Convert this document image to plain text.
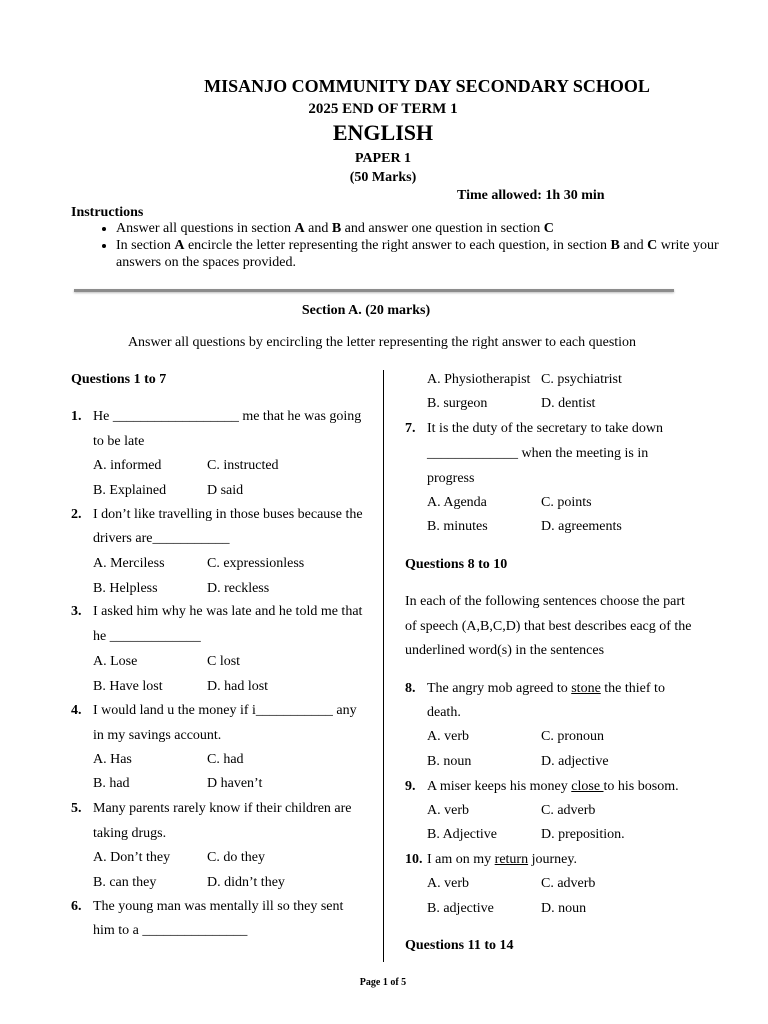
MISANJO COMMUNITY DAY SECONDARY SCHOOL
2025 END OF TERM 1
ENGLISH
PAPER 1
(50 Marks)
Time allowed: 1h 30 min
Instructions
• Answer all questions in section A and B and answer one question in section C
• In section A encircle the letter representing the right answer to each question, in section B and C write your answers on the spaces provided.
Section A. (20 marks)
Answer all questions by encircling the letter representing the right answer to each question
Questions 1 to 7
1. He __________________ me that he was going
to be late
A. informed	C. instructed
B. Explained	D said
2. I don’t like travelling in those buses because the
drivers are___________
A. Merciless	C. expressionless
B. Helpless	D. reckless
3. I asked him why he was late and he told me that
he _____________
A. Lose	C lost
B. Have lost	D. had lost
4. I would land u the money if i___________ any
in my savings account.
A. Has	C. had
B. had	D haven’t
5. Many parents rarely know if their children are
taking drugs.
A. Don’t they	C. do they
B. can they	D. didn’t they
6. The young man was mentally ill so they sent
him to a _______________
A. Physiotherapist C. psychiatrist
B. surgeon	D. dentist
7. It is the duty of the secretary to take down
_____________ when the meeting is in
progress
A. Agenda	C. points
B. minutes	D. agreements
Questions 8 to 10
In each of the following sentences choose the part
of speech (A,B,C,D) that best describes eacg of the
underlined word(s) in the sentences
8. The angry mob agreed to stone the thief to
death.
A. verb	C. pronoun
B. noun	D. adjective
9. A miser keeps his money close to his bosom.
A. verb	C. adverb
B. Adjective	D. preposition.
10. I am on my return journey.
A. verb	C. adverb
B. adjective	D. noun
Questions 11 to 14
Page 1 of 5
